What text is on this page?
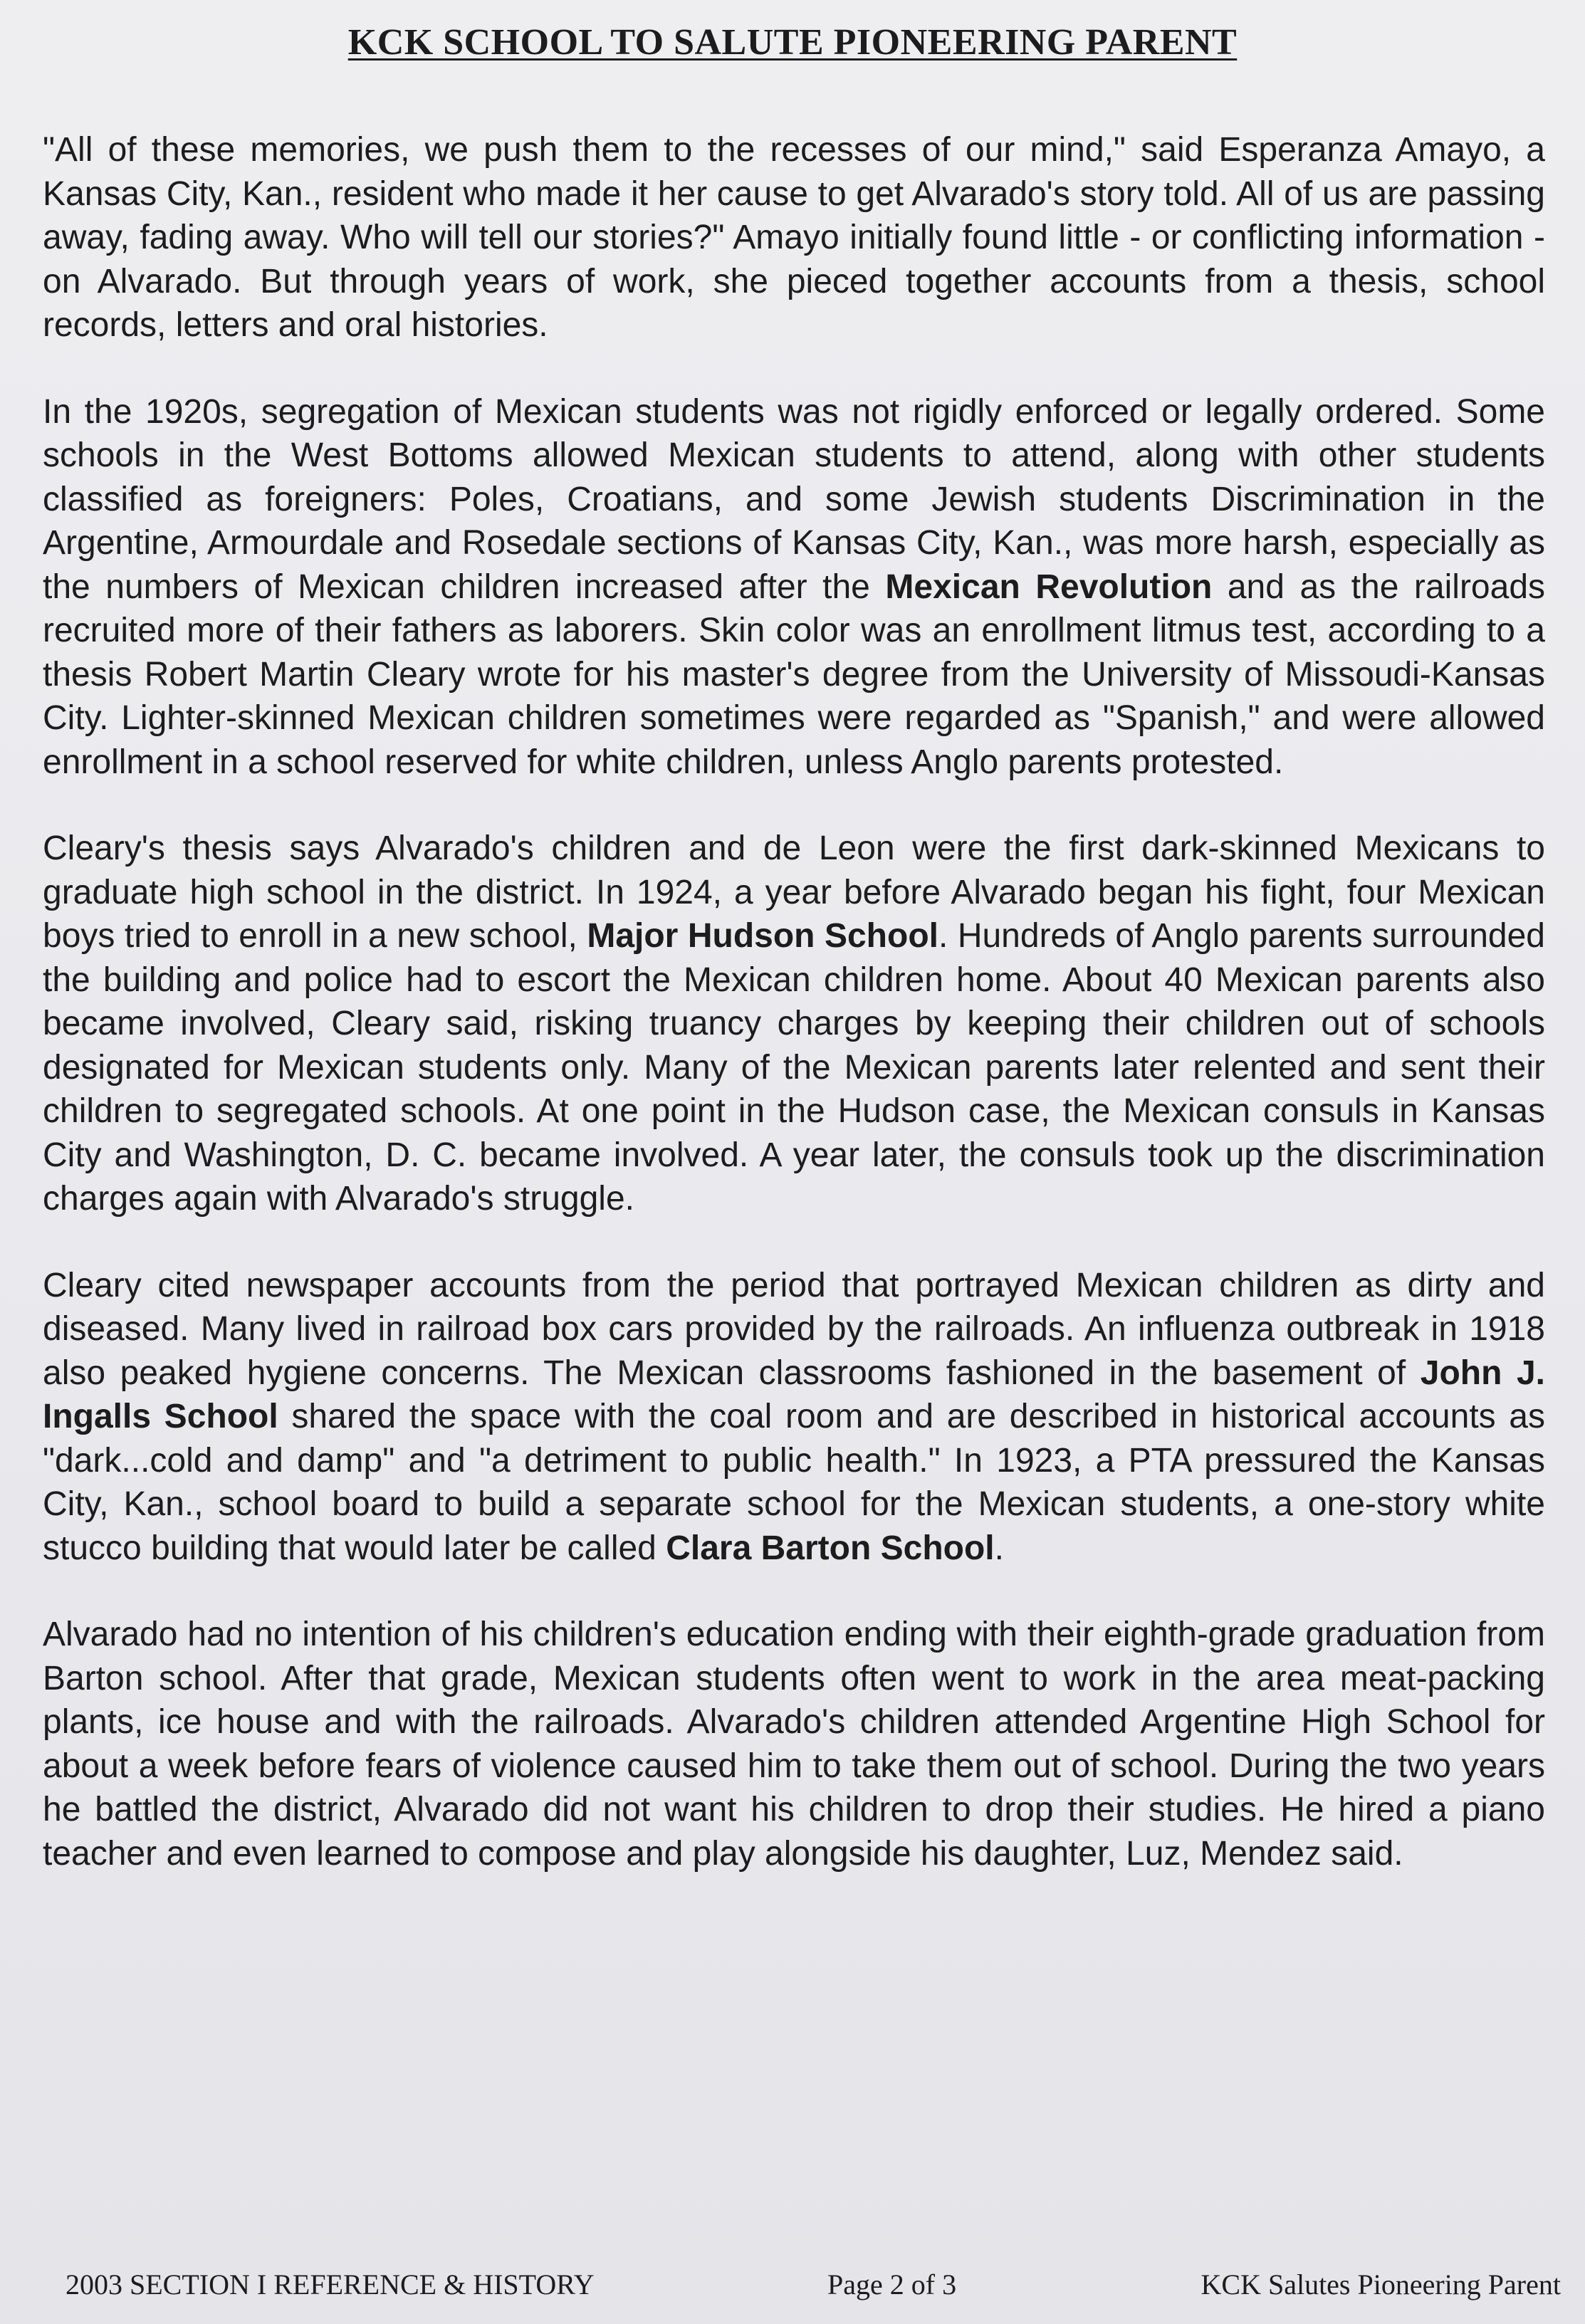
KCK SCHOOL TO SALUTE PIONEERING PARENT

"All of these memories, we push them to the recesses of our mind," said Esperanza Amayo, a Kansas City, Kan., resident who made it her cause to get Alvarado's story told. All of us are passing away, fading away. Who will tell our stories?" Amayo initially found little - or conflicting information - on Alvarado. But through years of work, she pieced together accounts from a thesis, school records, letters and oral histories.

In the 1920s, segregation of Mexican students was not rigidly enforced or legally ordered. Some schools in the West Bottoms allowed Mexican students to attend, along with other students classified as foreigners: Poles, Croatians, and some Jewish students Discrimination in the Argentine, Armourdale and Rosedale sections of Kansas City, Kan., was more harsh, especially as the numbers of Mexican children increased after the Mexican Revolution and as the railroads recruited more of their fathers as laborers. Skin color was an enrollment litmus test, according to a thesis Robert Martin Cleary wrote for his master's degree from the University of Missoudi-Kansas City. Lighter-skinned Mexican children sometimes were regarded as "Spanish," and were allowed enrollment in a school reserved for white children, unless Anglo parents protested.

Cleary's thesis says Alvarado's children and de Leon were the first dark-skinned Mexicans to graduate high school in the district. In 1924, a year before Alvarado began his fight, four Mexican boys tried to enroll in a new school, Major Hudson School. Hundreds of Anglo parents surrounded the building and police had to escort the Mexican children home. About 40 Mexican parents also became involved, Cleary said, risking truancy charges by keeping their children out of schools designated for Mexican students only. Many of the Mexican parents later relented and sent their children to segregated schools. At one point in the Hudson case, the Mexican consuls in Kansas City and Washington, D. C. became involved. A year later, the consuls took up the discrimination charges again with Alvarado's struggle.

Cleary cited newspaper accounts from the period that portrayed Mexican children as dirty and diseased. Many lived in railroad box cars provided by the railroads. An influenza outbreak in 1918 also peaked hygiene concerns. The Mexican classrooms fashioned in the basement of John J. Ingalls School shared the space with the coal room and are described in historical accounts as "dark...cold and damp" and "a detriment to public health." In 1923, a PTA pressured the Kansas City, Kan., school board to build a separate school for the Mexican students, a one-story white stucco building that would later be called Clara Barton School.

Alvarado had no intention of his children's education ending with their eighth-grade graduation from Barton school. After that grade, Mexican students often went to work in the area meat-packing plants, ice house and with the railroads. Alvarado's children attended Argentine High School for about a week before fears of violence caused him to take them out of school. During the two years he battled the district, Alvarado did not want his children to drop their studies. He hired a piano teacher and even learned to compose and play alongside his daughter, Luz, Mendez said.

2003 SECTION I REFERENCE & HISTORY	Page 2 of 3	KCK Salutes Pioneering Parent
